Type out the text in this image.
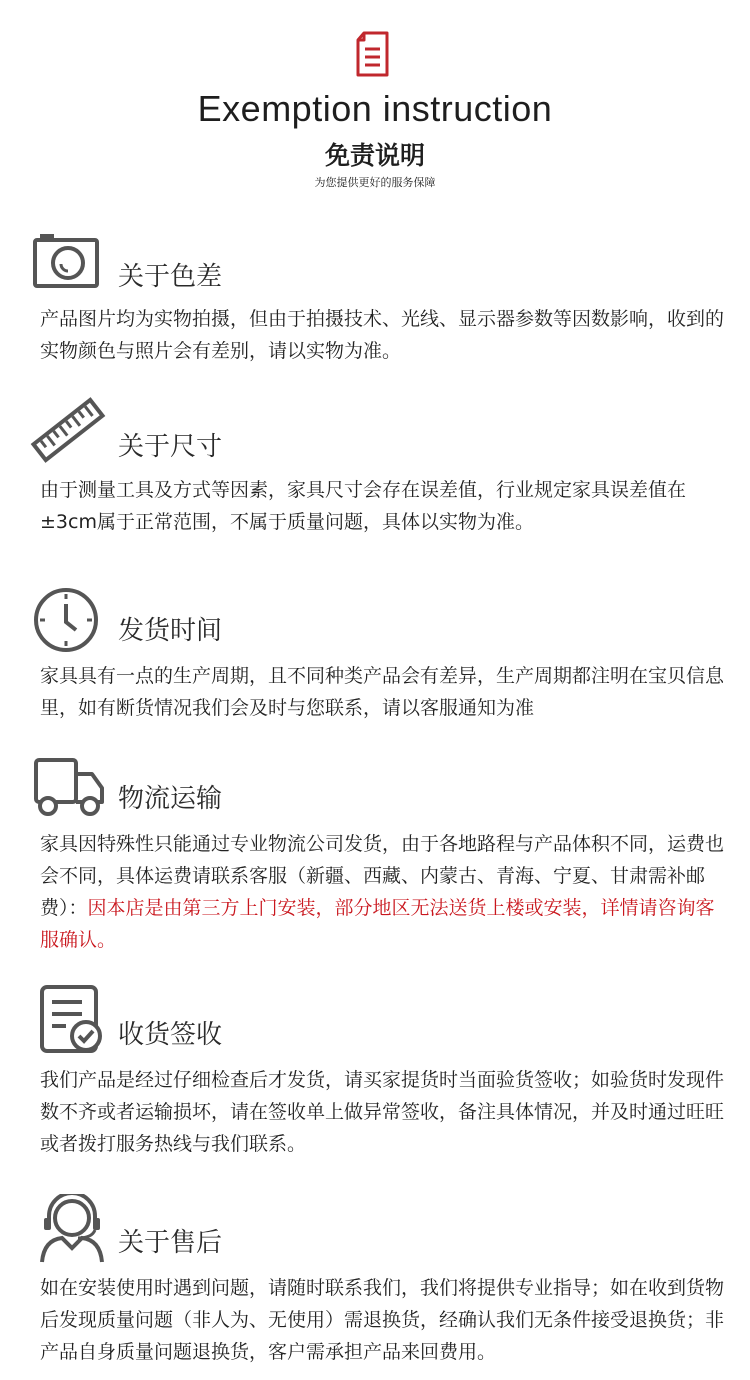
Exemption instruction
免责说明
为您提供更好的服务保障
关于色差
产品图片均为实物拍摄，但由于拍摄技术、光线、显示器参数等因数影响，收到的实物颜色与照片会有差别，请以实物为准。
关于尺寸
由于测量工具及方式等因素，家具尺寸会存在误差值，行业规定家具误差值在±3cm属于正常范围，不属于质量问题，具体以实物为准。
发货时间
家具具有一点的生产周期，且不同种类产品会有差异，生产周期都注明在宝贝信息里，如有断货情况我们会及时与您联系，请以客服通知为准
物流运输
家具因特殊性只能通过专业物流公司发货，由于各地路程与产品体积不同，运费也会不同，具体运费请联系客服（新疆、西藏、内蒙古、青海、宁夏、甘肃需补邮费）：因本店是由第三方上门安装，部分地区无法送货上楼或安装，详情请咨询客服确认。
收货签收
我们产品是经过仔细检查后才发货，请买家提货时当面验货签收；如验货时发现件数不齐或者运输损坏，请在签收单上做异常签收，备注具体情况，并及时通过旺旺或者拨打服务热线与我们联系。
关于售后
如在安装使用时遇到问题，请随时联系我们，我们将提供专业指导；如在收到货物后发现质量问题（非人为、无使用）需退换货，经确认我们无条件接受退换货；非产品自身质量问题退换货，客户需承担产品来回费用。
